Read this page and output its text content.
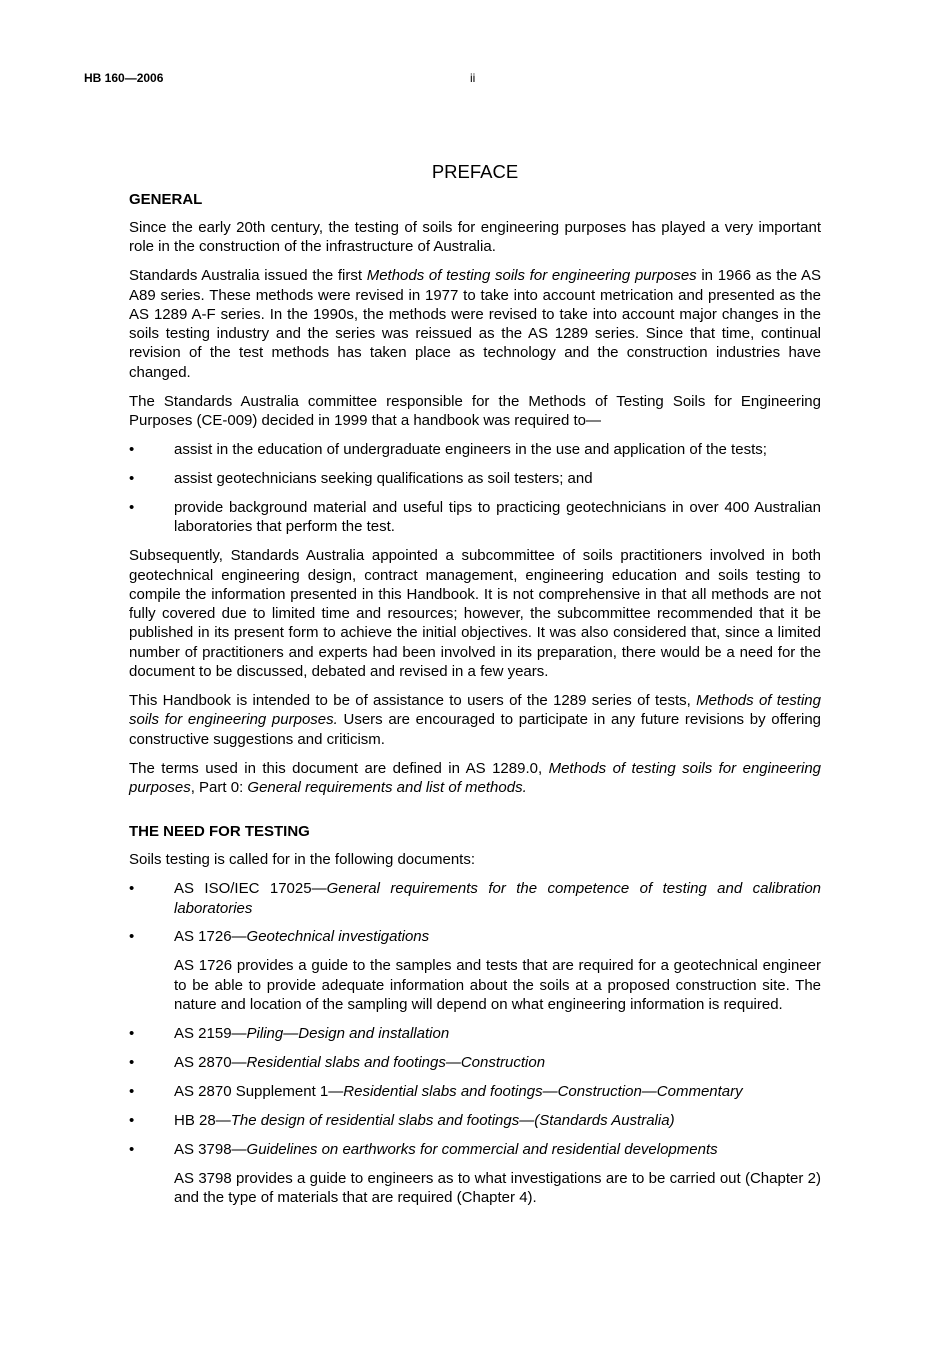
HB 160—2006	ii
PREFACE
GENERAL

Since the early 20th century, the testing of soils for engineering purposes has played a very important role in the construction of the infrastructure of Australia.

Standards Australia issued the first Methods of testing soils for engineering purposes in 1966 as the AS A89 series. These methods were revised in 1977 to take into account metrication and presented as the AS 1289 A-F series. In the 1990s, the methods were revised to take into account major changes in the soils testing industry and the series was reissued as the AS 1289 series. Since that time, continual revision of the test methods has taken place as technology and the construction industries have changed.

The Standards Australia committee responsible for the Methods of Testing Soils for Engineering Purposes (CE-009) decided in 1999 that a handbook was required to—

•	assist in the education of undergraduate engineers in the use and application of the tests;
•	assist geotechnicians seeking qualifications as soil testers; and
•	provide background material and useful tips to practicing geotechnicians in over 400 Australian laboratories that perform the test.

Subsequently, Standards Australia appointed a subcommittee of soils practitioners involved in both geotechnical engineering design, contract management, engineering education and soils testing to compile the information presented in this Handbook. It is not comprehensive in that all methods are not fully covered due to limited time and resources; however, the subcommittee recommended that it be published in its present form to achieve the initial objectives. It was also considered that, since a limited number of practitioners and experts had been involved in its preparation, there would be a need for the document to be discussed, debated and revised in a few years.

This Handbook is intended to be of assistance to users of the 1289 series of tests, Methods of testing soils for engineering purposes. Users are encouraged to participate in any future revisions by offering constructive suggestions and criticism.

The terms used in this document are defined in AS 1289.0, Methods of testing soils for engineering purposes, Part 0: General requirements and list of methods.

THE NEED FOR TESTING

Soils testing is called for in the following documents:

•	AS ISO/IEC 17025—General requirements for the competence of testing and calibration laboratories
•	AS 1726—Geotechnical investigations

AS 1726 provides a guide to the samples and tests that are required for a geotechnical engineer to be able to provide adequate information about the soils at a proposed construction site. The nature and location of the sampling will depend on what engineering information is required.

•	AS 2159—Piling—Design and installation
•	AS 2870—Residential slabs and footings—Construction
•	AS 2870 Supplement 1—Residential slabs and footings—Construction—Commentary
•	HB 28—The design of residential slabs and footings—(Standards Australia)
•	AS 3798—Guidelines on earthworks for commercial and residential developments

AS 3798 provides a guide to engineers as to what investigations are to be carried out (Chapter 2) and the type of materials that are required (Chapter 4).
